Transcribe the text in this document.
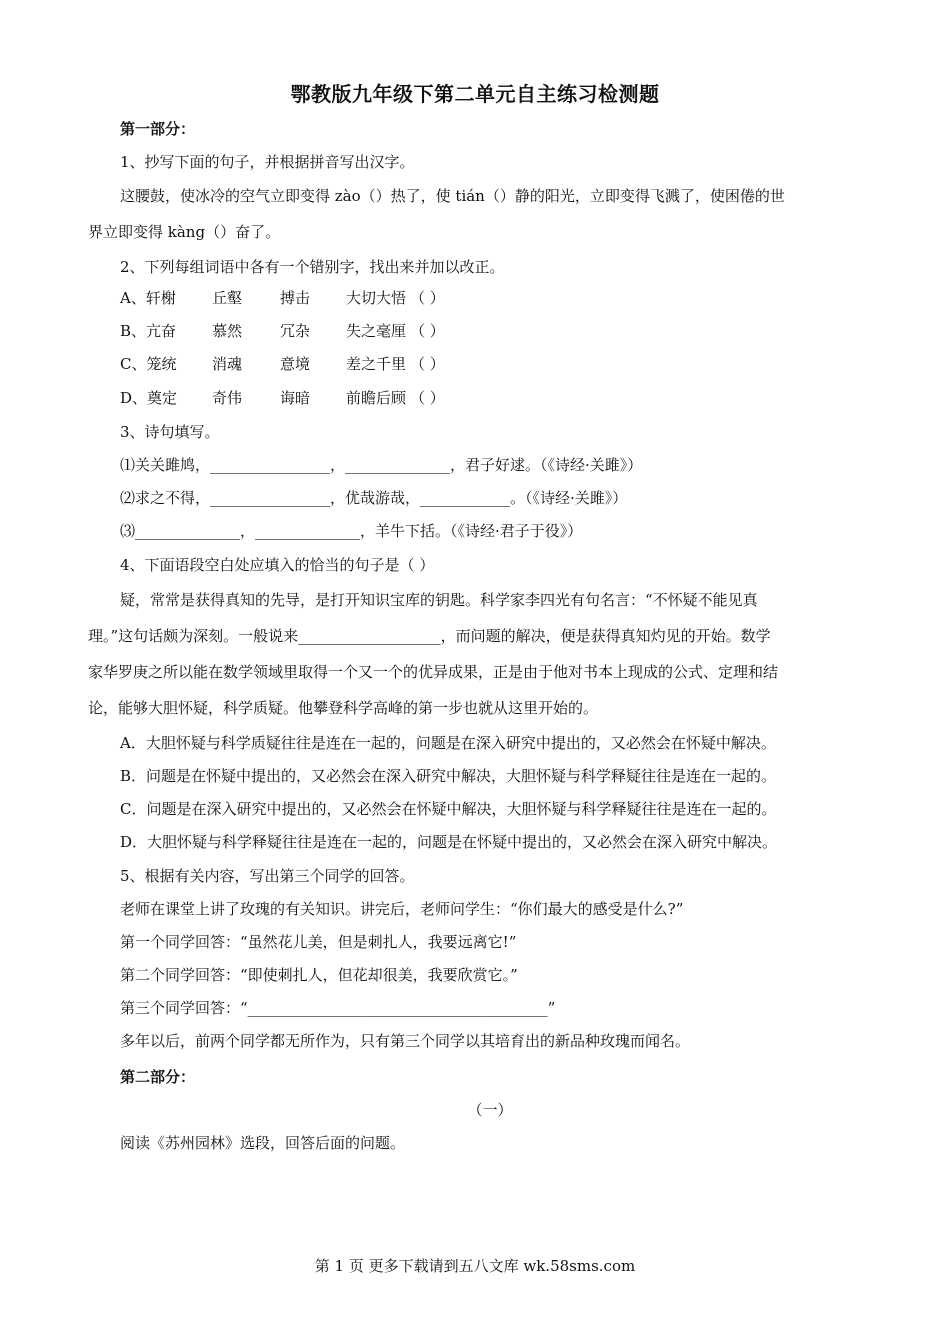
鄂教版九年级下第二单元自主练习检测题
第一部分：
1、抄写下面的句子，并根据拼音写出汉字。
这腰鼓，使冰冷的空气立即变得 zào（）热了，使 tián（）静的阳光，立即变得飞溅了，使困倦的世
界立即变得 kàng（）奋了。
2、下列每组词语中各有一个错别字，找出来并加以改正。
A、轩榭 丘壑	搏击 大切大悟 （ ）
B、亢奋 慕然	冗杂 失之毫厘 （ ）
C、笼统 消魂	意境 差之千里 （ ）
D、奠定 奇伟	诲暗 前瞻后顾 （ ）
3、诗句填写。
⑴关关雎鸠，________________，______________，君子好逑。（《诗经·关雎》）
⑵求之不得，________________，优哉游哉，____________。（《诗经·关雎》）
⑶______________，______________，羊牛下括。（《诗经·君子于役》）
4、下面语段空白处应填入的恰当的句子是（ ）
疑，常常是获得真知的先导，是打开知识宝库的钥匙。科学家李四光有句名言：“不怀疑不能见真
理。”这句话颇为深刻。一般说来___________________，而问题的解决，便是获得真知灼见的开始。数学
家华罗庚之所以能在数学领域里取得一个又一个的优异成果，正是由于他对书本上现成的公式、定理和结
论，能够大胆怀疑，科学质疑。他攀登科学高峰的第一步也就从这里开始的。
A．大胆怀疑与科学质疑往往是连在一起的，问题是在深入研究中提出的，又必然会在怀疑中解决。
B．问题是在怀疑中提出的，又必然会在深入研究中解决，大胆怀疑与科学释疑往往是连在一起的。
C．问题是在深入研究中提出的，又必然会在怀疑中解决，大胆怀疑与科学释疑往往是连在一起的。
D．大胆怀疑与科学释疑往往是连在一起的，问题是在怀疑中提出的，又必然会在深入研究中解决。
5、根据有关内容，写出第三个同学的回答。
老师在课堂上讲了玫瑰的有关知识。讲完后，老师问学生：“你们最大的感受是什么?”
第一个同学回答：“虽然花儿美，但是刺扎人，我要远离它!”
第二个同学回答：“即使刺扎人，但花却很美，我要欣赏它。”
第三个同学回答：“________________________________________”
多年以后，前两个同学都无所作为，只有第三个同学以其培育出的新品种玫瑰而闻名。
第二部分：
（一）
阅读《苏州园林》选段，回答后面的问题。
第 1 页 更多下载请到五八文库 wk.58sms.com
